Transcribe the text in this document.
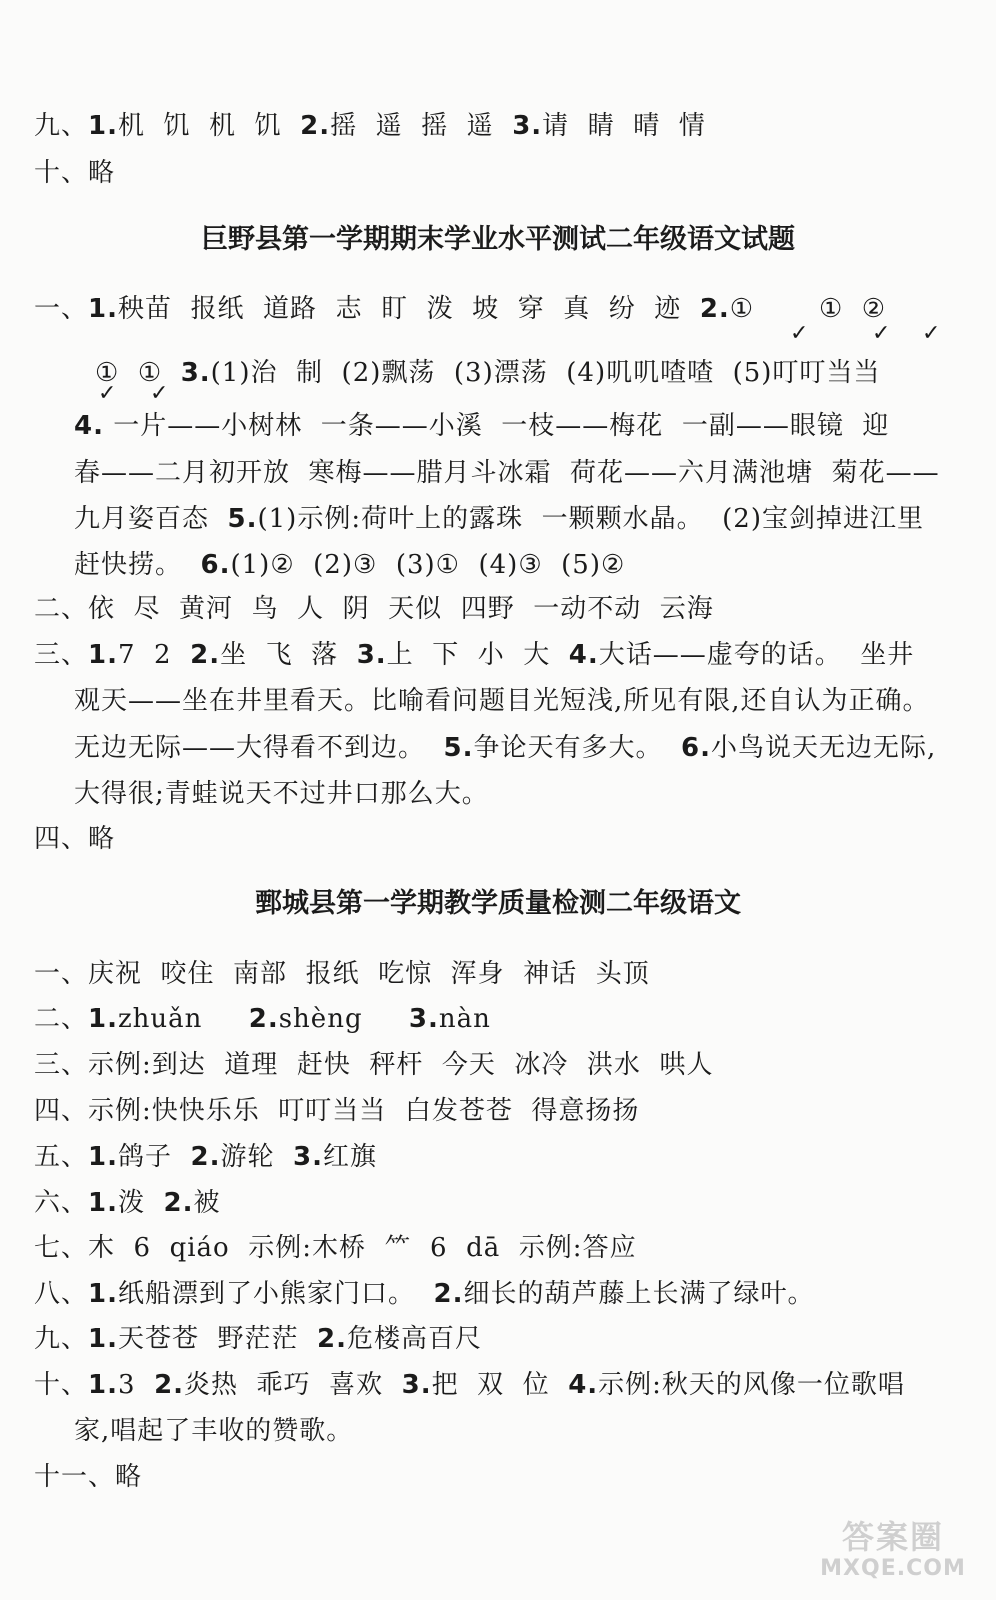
九、1.机  饥  机  饥  2.摇  遥  摇  遥  3.请  睛  晴  情
十、略
巨野县第一学期期末学业水平测试二年级语文试题
一、1.秧苗  报纸  道路  志  盯  泼  坡  穿  真  纷  迹  2.①       ①  ②
✓	✓ ✓
①  ①  3.(1)治  制  (2)飘荡  (3)漂荡  (4)叽叽喳喳  (5)叮叮当当
✓ ✓
4. 一片——小树林  一条——小溪  一枝——梅花  一副——眼镜  迎
春——二月初开放  寒梅——腊月斗冰霜  荷花——六月满池塘  菊花——
九月姿百态  5.(1)示例:荷叶上的露珠  一颗颗水晶。  (2)宝剑掉进江里
赶快捞。  6.(1)②  (2)③  (3)①  (4)③  (5)②
二、依  尽  黄河  鸟  人  阴  天似  四野  一动不动  云海
三、1.7  2  2.坐  飞  落  3.上  下  小  大  4.大话——虚夸的话。  坐井
观天——坐在井里看天。比喻看问题目光短浅,所见有限,还自认为正确。
无边无际——大得看不到边。  5.争论天有多大。  6.小鸟说天无边无际,
大得很;青蛙说天不过井口那么大。
四、略
鄄城县第一学期教学质量检测二年级语文
一、庆祝  咬住  南部  报纸  吃惊  浑身  神话  头顶
二、1.zhuǎn     2.shèng     3.nàn
三、示例:到达  道理  赶快  秤杆  今天  冰冷  洪水  哄人
四、示例:快快乐乐  叮叮当当  白发苍苍  得意扬扬
五、1.鸽子  2.游轮  3.红旗
六、1.泼  2.被
七、木  6  qiáo  示例:木桥  ⺮  6  dā  示例:答应
八、1.纸船漂到了小熊家门口。  2.细长的葫芦藤上长满了绿叶。
九、1.天苍苍  野茫茫  2.危楼高百尺
十、1.3  2.炎热  乖巧  喜欢  3.把  双  位  4.示例:秋天的风像一位歌唱
家,唱起了丰收的赞歌。
十一、略
答案圈
MXQE.COM
